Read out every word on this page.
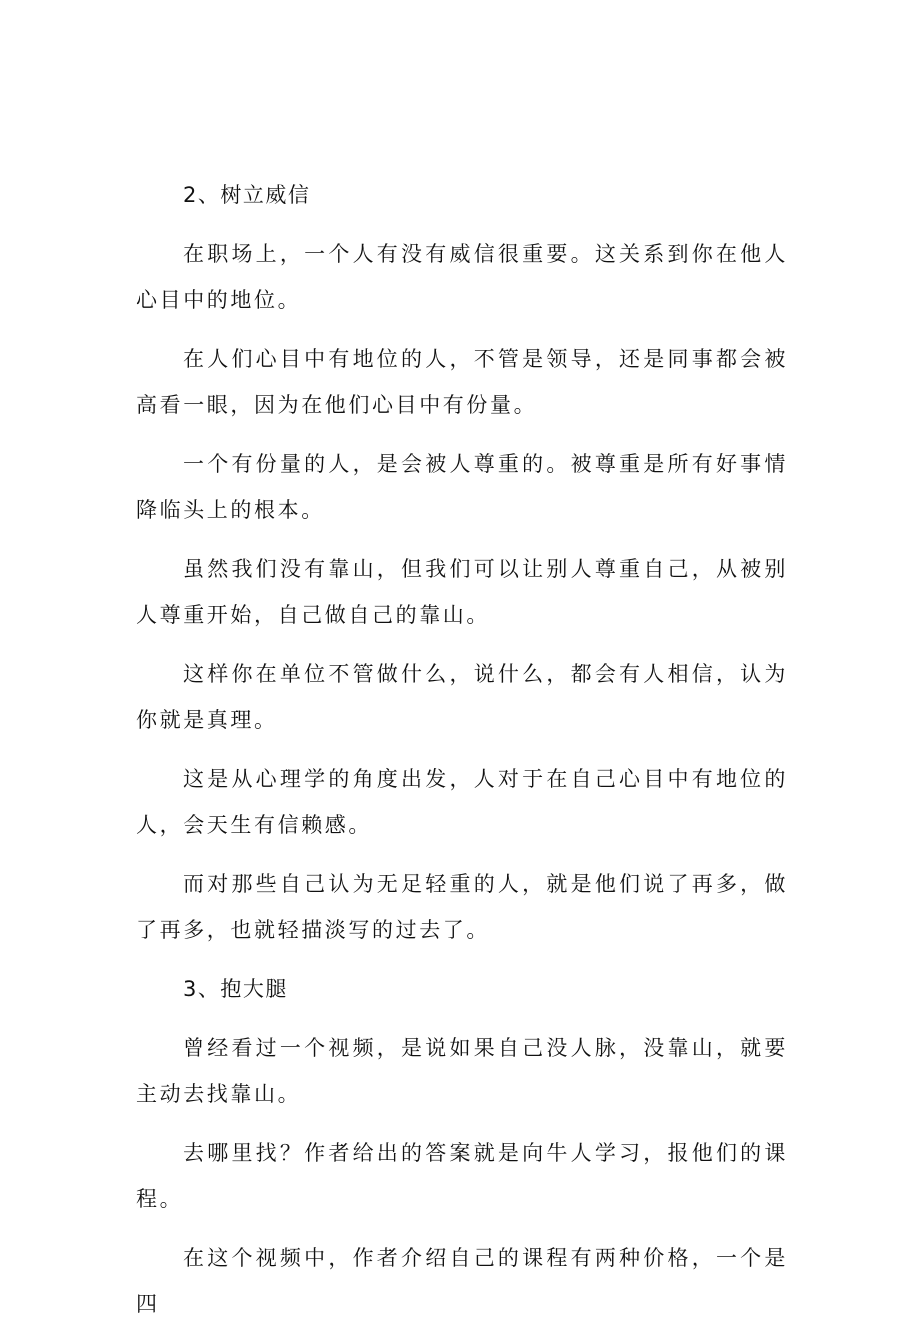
2、树立威信
在职场上，一个人有没有威信很重要。这关系到你在他人心目中的地位。
在人们心目中有地位的人，不管是领导，还是同事都会被高看一眼，因为在他们心目中有份量。
一个有份量的人，是会被人尊重的。被尊重是所有好事情降临头上的根本。
虽然我们没有靠山，但我们可以让别人尊重自己，从被别人尊重开始，自己做自己的靠山。
这样你在单位不管做什么，说什么，都会有人相信，认为你就是真理。
这是从心理学的角度出发，人对于在自己心目中有地位的人，会天生有信赖感。
而对那些自己认为无足轻重的人，就是他们说了再多，做了再多，也就轻描淡写的过去了。
3、抱大腿
曾经看过一个视频，是说如果自己没人脉，没靠山，就要主动去找靠山。
去哪里找？作者给出的答案就是向牛人学习，报他们的课程。
在这个视频中，作者介绍自己的课程有两种价格，一个是四
